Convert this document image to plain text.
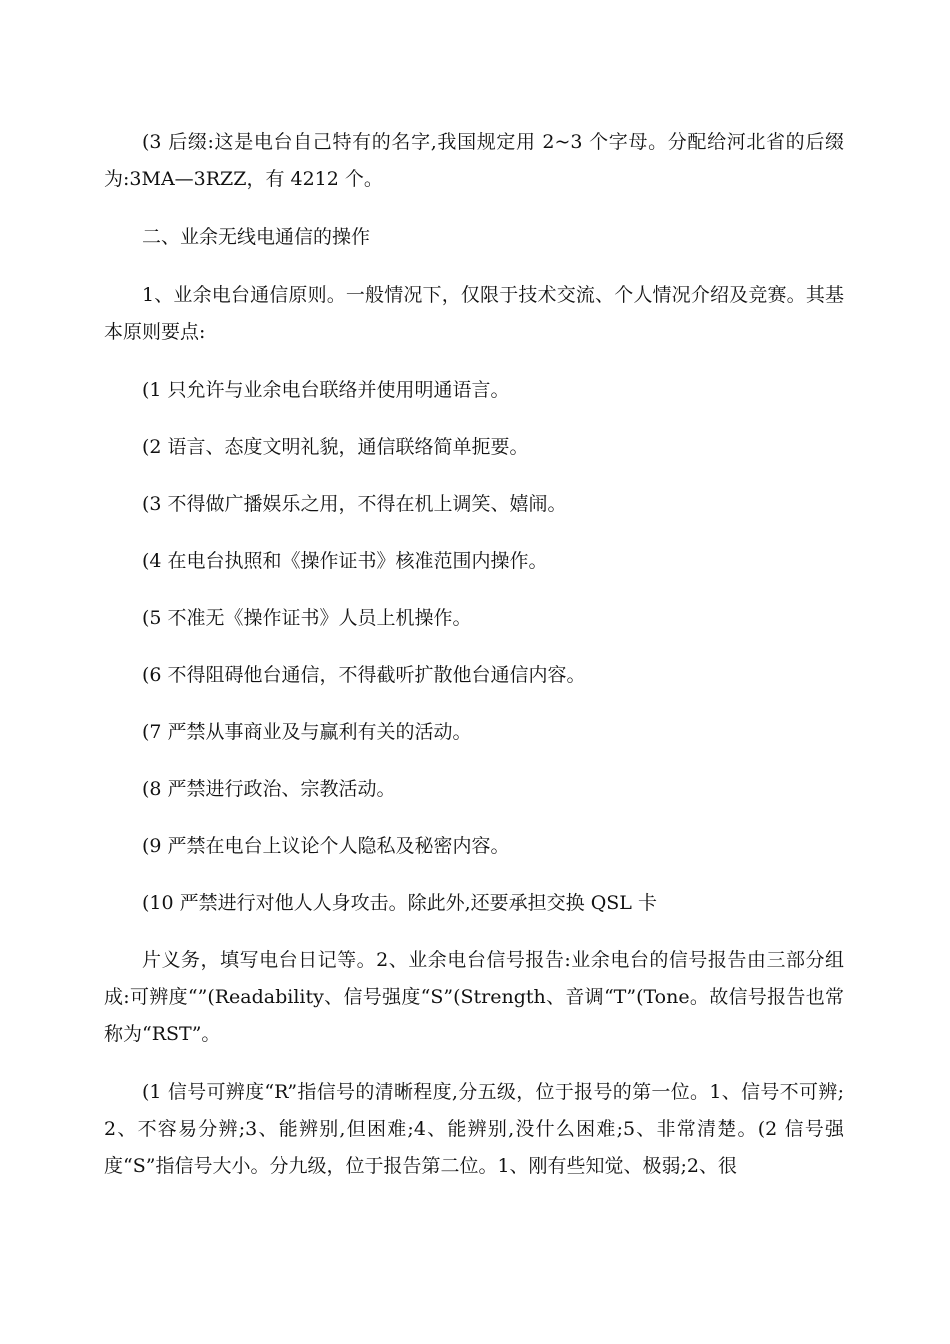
(3 后缀:这是电台自己特有的名字,我国规定用 2~3 个字母。分配给河北省的后缀为:3MA—3RZZ，有 4212 个。

二、业余无线电通信的操作

1、业余电台通信原则。一般情况下，仅限于技术交流、个人情况介绍及竞赛。其基本原则要点:

(1 只允许与业余电台联络并使用明通语言。

(2 语言、态度文明礼貌，通信联络简单扼要。

(3 不得做广播娱乐之用，不得在机上调笑、嬉闹。

(4 在电台执照和《操作证书》核准范围内操作。

(5 不准无《操作证书》人员上机操作。

(6 不得阻碍他台通信，不得截听扩散他台通信内容。

(7 严禁从事商业及与赢利有关的活动。

(8 严禁进行政治、宗教活动。

(9 严禁在电台上议论个人隐私及秘密内容。

(10 严禁进行对他人人身攻击。除此外,还要承担交换 QSL 卡

片义务，填写电台日记等。2、业余电台信号报告:业余电台的信号报告由三部分组成:可辨度“”(Readability、信号强度“S”(Strength、音调“T”(Tone。故信号报告也常称为“RST”。

(1 信号可辨度“R”指信号的清晰程度,分五级，位于报号的第一位。1、信号不可辨;2、不容易分辨;3、能辨别,但困难;4、能辨别,没什么困难;5、非常清楚。(2 信号强度“S”指信号大小。分九级，位于报告第二位。1、刚有些知觉、极弱;2、很
